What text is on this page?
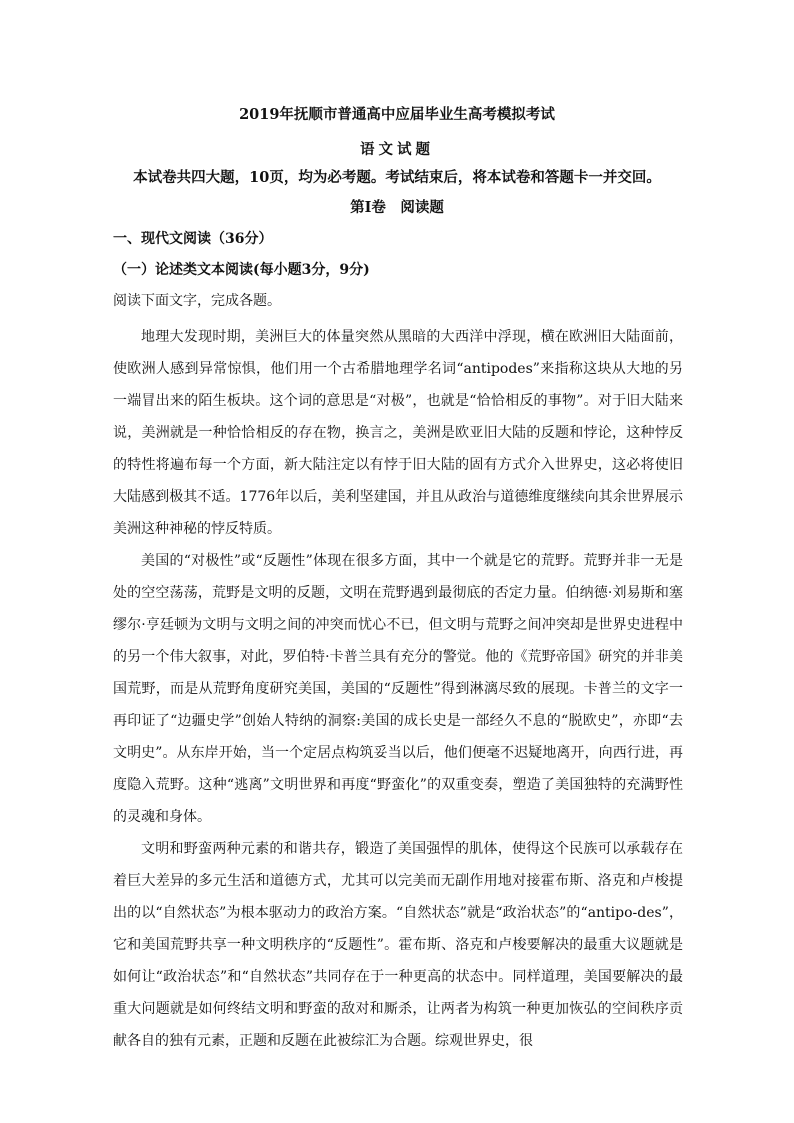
2019年抚顺市普通高中应届毕业生高考模拟考试
语文试题
本试卷共四大题，10页，均为必考题。考试结束后，将本试卷和答题卡一并交回。
第Ⅰ卷　阅读题
一、现代文阅读（36分）
（一）论述类文本阅读(每小题3分，9分)
阅读下面文字，完成各题。

地理大发现时期，美洲巨大的体量突然从黑暗的大西洋中浮现，横在欧洲旧大陆面前，使欧洲人感到异常惊惧，他们用一个古希腊地理学名词“antipodes”来指称这块从大地的另一端冒出来的陌生板块。这个词的意思是“对极”，也就是“恰恰相反的事物”。对于旧大陆来说，美洲就是一种恰恰相反的存在物，换言之，美洲是欧亚旧大陆的反题和悖论，这种悖反的特性将遍布每一个方面，新大陆注定以有悖于旧大陆的固有方式介入世界史，这必将使旧大陆感到极其不适。1776年以后，美利坚建国，并且从政治与道德维度继续向其余世界展示美洲这种神秘的悖反特质。

美国的“对极性”或“反题性”体现在很多方面，其中一个就是它的荒野。荒野并非一无是处的空空荡荡，荒野是文明的反题，文明在荒野遇到最彻底的否定力量。伯纳德·刘易斯和塞缪尔·亨廷顿为文明与文明之间的冲突而忧心不已，但文明与荒野之间冲突却是世界史进程中的另一个伟大叙事，对此，罗伯特·卡普兰具有充分的警觉。他的《荒野帝国》研究的并非美国荒野，而是从荒野角度研究美国，美国的“反题性”得到淋漓尽致的展现。卡普兰的文字一再印证了“边疆史学”创始人特纳的洞察:美国的成长史是一部经久不息的“脱欧史”，亦即“去文明史”。从东岸开始，当一个定居点构筑妥当以后，他们便毫不迟疑地离开，向西行进，再度隐入荒野。这种“逃离”文明世界和再度“野蛮化”的双重变奏，塑造了美国独特的充满野性的灵魂和身体。

文明和野蛮两种元素的和谐共存，锻造了美国强悍的肌体，使得这个民族可以承载存在着巨大差异的多元生活和道德方式，尤其可以完美而无副作用地对接霍布斯、洛克和卢梭提出的以“自然状态”为根本驱动力的政治方案。“自然状态”就是“政治状态”的“antipo-des”，它和美国荒野共享一种文明秩序的“反题性”。霍布斯、洛克和卢梭要解决的最重大议题就是如何让“政治状态”和“自然状态”共同存在于一种更高的状态中。同样道理，美国要解决的最重大问题就是如何终结文明和野蛮的敌对和厮杀，让两者为构筑一种更加恢弘的空间秩序贡献各自的独有元素，正题和反题在此被综汇为合题。综观世界史，很
